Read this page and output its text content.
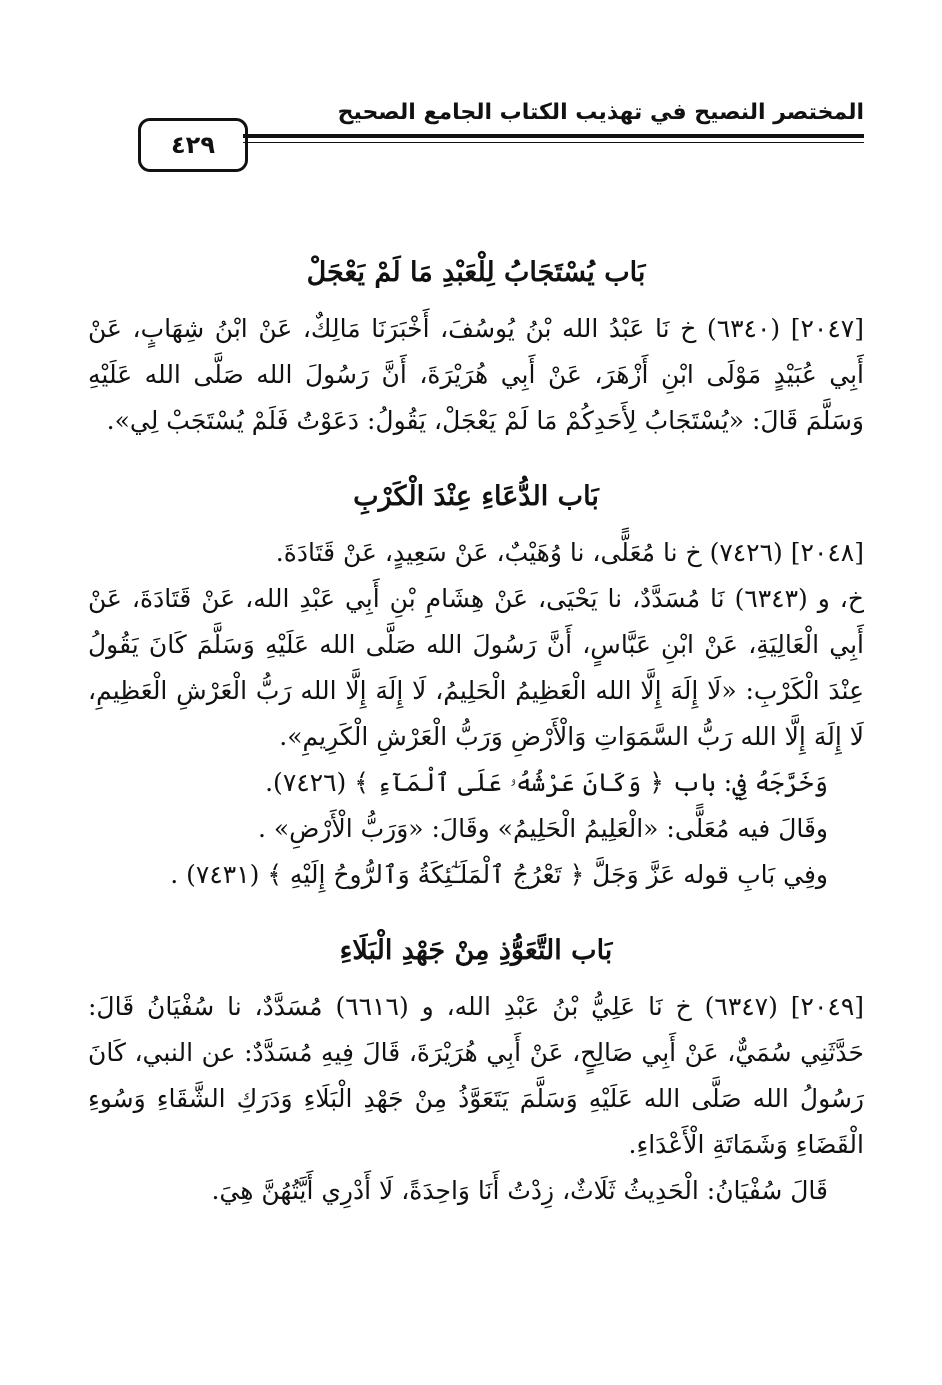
المختصر النصيح في تهذيب الكتاب الجامع الصحيح
٤٢٩
بَاب يُسْتَجَابُ لِلْعَبْدِ مَا لَمْ يَعْجَلْ

[٢٠٤٧] (٦٣٤٠) خ نَا عَبْدُ الله بْنُ يُوسُفَ، أَخْبَرَنَا مَالِكٌ، عَنْ ابْنُ شِهَابٍ، عَنْ أَبِي عُبَيْدٍ مَوْلَى ابْنِ أَزْهَرَ، عَنْ أَبِي هُرَيْرَةَ، أَنَّ رَسُولَ الله صَلَّى الله عَلَيْهِ وَسَلَّمَ قَالَ: «يُسْتَجَابُ لِأَحَدِكُمْ مَا لَمْ يَعْجَلْ، يَقُولُ: دَعَوْتُ فَلَمْ يُسْتَجَبْ لِي».

بَاب الدُّعَاءِ عِنْدَ الْكَرْبِ

[٢٠٤٨] (٧٤٢٦) خ نا مُعَلًّى، نا وُهَيْبٌ، عَنْ سَعِيدٍ، عَنْ قَتَادَةَ.

خ، و (٦٣٤٣) نَا مُسَدَّدٌ، نا يَحْيَى، عَنْ هِشَامِ بْنِ أَبِي عَبْدِ الله، عَنْ قَتَادَةَ، عَنْ أَبِي الْعَالِيَةِ، عَنْ ابْنِ عَبَّاسٍ، أَنَّ رَسُولَ الله صَلَّى الله عَلَيْهِ وَسَلَّمَ كَانَ يَقُولُ عِنْدَ الْكَرْبِ: «لَا إِلَهَ إِلَّا الله الْعَظِيمُ الْحَلِيمُ، لَا إِلَهَ إِلَّا الله رَبُّ الْعَرْشِ الْعَظِيمِ، لَا إِلَهَ إِلَّا الله رَبُّ السَّمَوَاتِ وَالْأَرْضِ وَرَبُّ الْعَرْشِ الْكَرِيمِ».

وَخَرَّجَهُ فِي: باب ﴿ وَكَانَ عَرْشُهُۥ عَلَى ٱلْمَآءِ ﴾ (٧٤٢٦).

وقَالَ فيه مُعَلًّى: «الْعَلِيمُ الْحَلِيمُ» وقَالَ: «وَرَبُّ الْأَرْضِ» .

وفِي بَابِ قوله عَزَّ وَجَلَّ ﴿ تَعْرُجُ ٱلْمَلَـٰٓئِكَةُ وَٱلرُّوحُ إِلَيْهِ ﴾ (٧٤٣١) .

بَاب التَّعَوُّذِ مِنْ جَهْدِ الْبَلَاءِ

[٢٠٤٩] (٦٣٤٧) خ نَا عَلِيُّ بْنُ عَبْدِ الله، و (٦٦١٦) مُسَدَّدٌ، نا سُفْيَانُ قَالَ: حَدَّثَنِي سُمَيٌّ، عَنْ أَبِي صَالِحٍ، عَنْ أَبِي هُرَيْرَةَ، قَالَ فِيهِ مُسَدَّدٌ: عن النبي، كَانَ رَسُولُ الله صَلَّى الله عَلَيْهِ وَسَلَّمَ يَتَعَوَّذُ مِنْ جَهْدِ الْبَلَاءِ وَدَرَكِ الشَّقَاءِ وَسُوءِ الْقَضَاءِ وَشَمَاتَةِ الْأَعْدَاءِ.

قَالَ سُفْيَانُ: الْحَدِيثُ ثَلَاثٌ، زِدْتُ أَنَا وَاحِدَةً، لَا أَدْرِي أَيَّتُهُنَّ هِيَ.
